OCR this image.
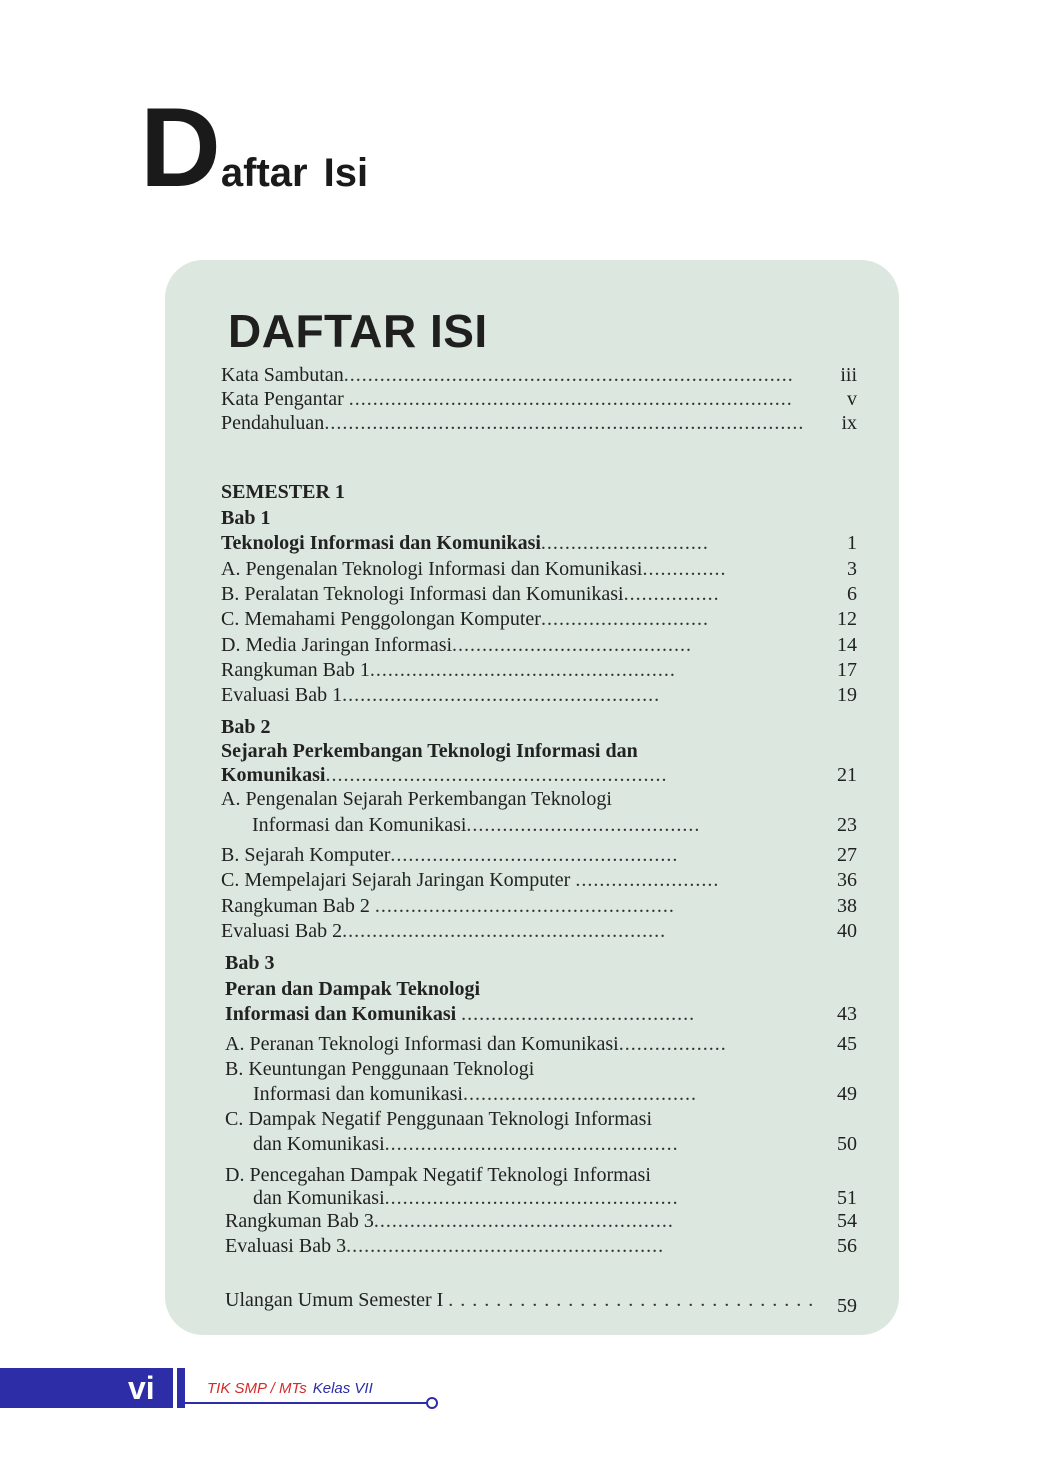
Daftar Isi
DAFTAR ISI
Kata Sambutan........................................................................... iii
Kata Pengantar ..........................................................................	v
Pendahuluan................................................................................ ix
SEMESTER 1
Bab 1
Teknologi Informasi dan Komunikasi............................	1
A. Pengenalan Teknologi Informasi dan Komunikasi..............	3
B. Peralatan Teknologi Informasi dan Komunikasi................	6
C. Memahami Penggolongan Komputer............................	12
D. Media Jaringan Informasi........................................	14
Rangkuman Bab 1...................................................	17
Evaluasi Bab 1.....................................................	19
Bab 2
Sejarah Perkembangan Teknologi Informasi dan
Komunikasi.........................................................	21
A. Pengenalan Sejarah Perkembangan Teknologi
Informasi dan Komunikasi.......................................	23
B. Sejarah Komputer................................................	27
C. Mempelajari Sejarah Jaringan Komputer ........................	36
Rangkuman Bab 2 ..................................................	38
Evaluasi Bab 2......................................................	40
Bab 3
Peran dan Dampak Teknologi
Informasi dan Komunikasi .......................................	43
A. Peranan Teknologi Informasi dan Komunikasi..................	45
B. Keuntungan Penggunaan Teknologi
Informasi dan komunikasi.......................................	49
C. Dampak Negatif Penggunaan Teknologi Informasi
dan Komunikasi.................................................	50
D. Pencegahan Dampak Negatif Teknologi Informasi
dan Komunikasi.................................................	51
Rangkuman Bab 3..................................................	54
Evaluasi Bab 3.....................................................	56
Ulangan Umum Semester I . . . . . . . . . . . . . . . . . . . . . . . . . . . . . . . 59
vi	TIK SMP / MTs Kelas VII
